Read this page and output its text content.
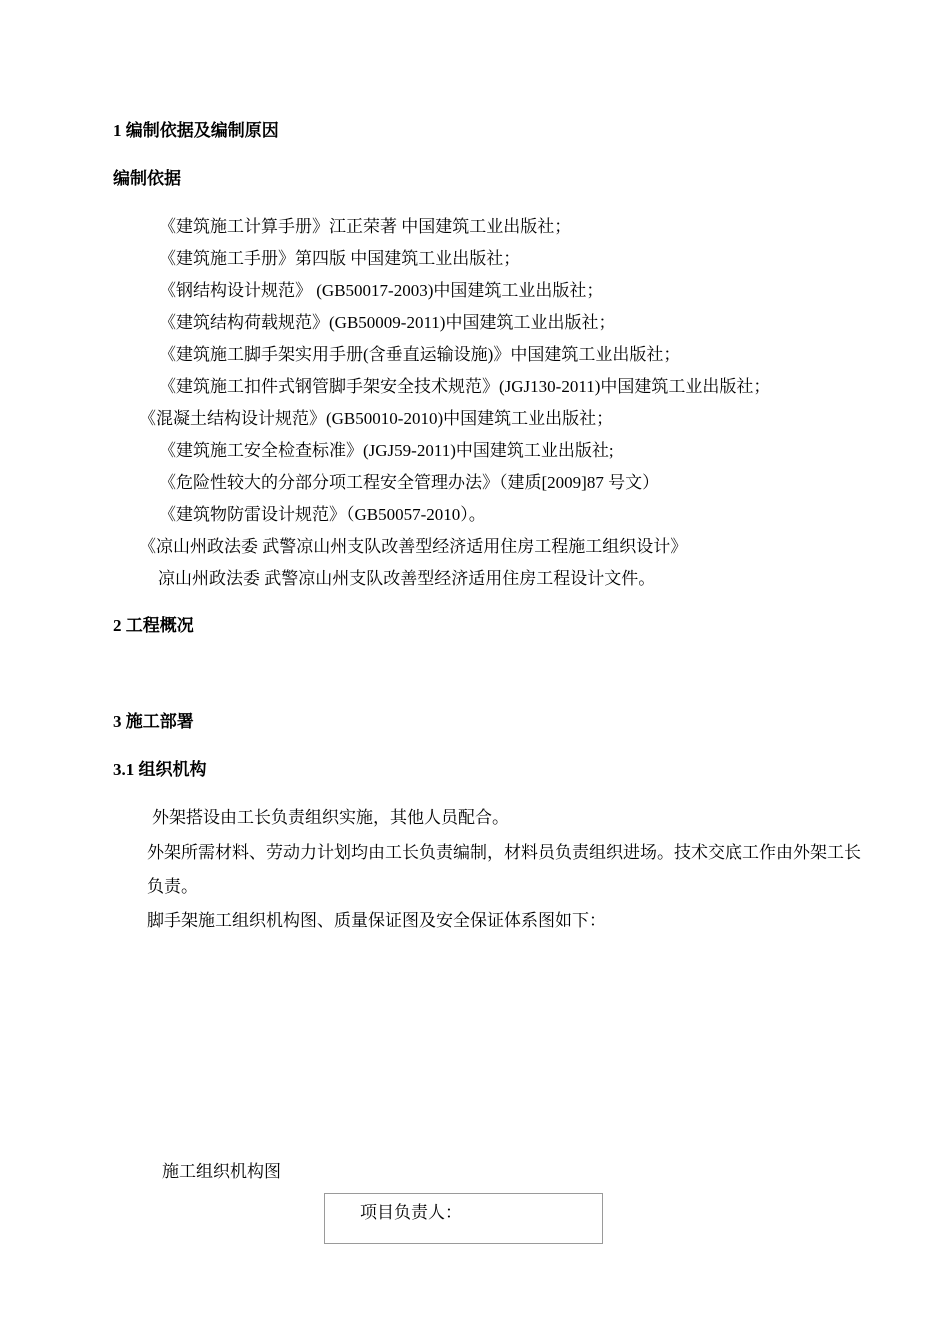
1 编制依据及编制原因
编制依据
《建筑施工计算手册》江正荣著 中国建筑工业出版社；
《建筑施工手册》第四版 中国建筑工业出版社；
《钢结构设计规范》 (GB50017-2003)中国建筑工业出版社；
《建筑结构荷载规范》(GB50009-2011)中国建筑工业出版社；
《建筑施工脚手架实用手册(含垂直运输设施)》中国建筑工业出版社；
《建筑施工扣件式钢管脚手架安全技术规范》(JGJ130-2011)中国建筑工业出版社；
《混凝土结构设计规范》(GB50010-2010)中国建筑工业出版社；
《建筑施工安全检查标准》(JGJ59-2011)中国建筑工业出版社;
《危险性较大的分部分项工程安全管理办法》（建质[2009]87 号文）
《建筑物防雷设计规范》（GB50057-2010）。
《凉山州政法委 武警凉山州支队改善型经济适用住房工程施工组织设计》
凉山州政法委 武警凉山州支队改善型经济适用住房工程设计文件。
2 工程概况
3 施工部署
3.1 组织机构
外架搭设由工长负责组织实施，其他人员配合。
外架所需材料、劳动力计划均由工长负责编制，材料员负责组织进场。技术交底工作由外架工长负责。
脚手架施工组织机构图、质量保证图及安全保证体系图如下：
施工组织机构图
项目负责人：
